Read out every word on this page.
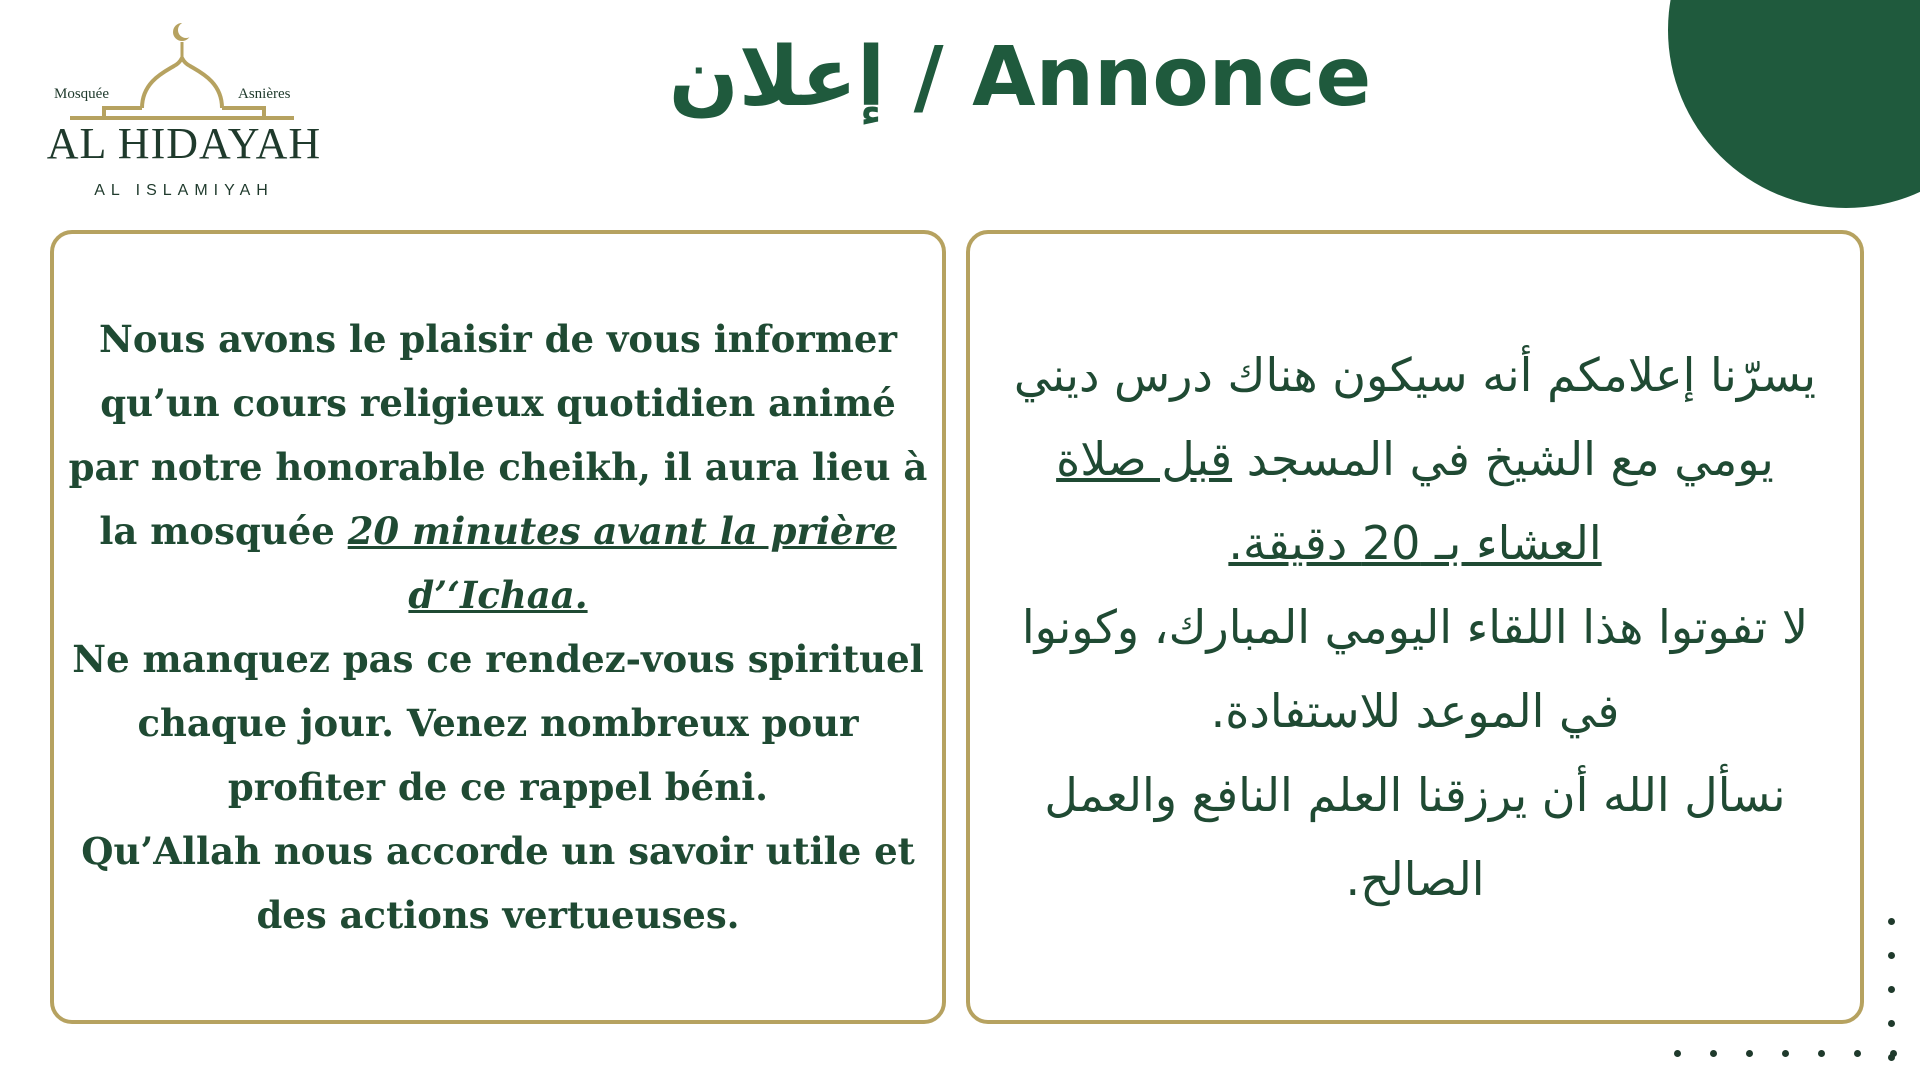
Mosquée	Asnières
AL HIDAYAH
AL ISLAMIYAH
إعلان / Annonce

Nous avons le plaisir de vous informer qu’un cours religieux quotidien animé par notre honorable cheikh, il aura lieu à la mosquée 20 minutes avant la prière d’‘Ichaa.
Ne manquez pas ce rendez-vous spirituel chaque jour. Venez nombreux pour profiter de ce rappel béni.
Qu’Allah nous accorde un savoir utile et des actions vertueuses.

يسرّنا إعلامكم أنه سيكون هناك درس ديني يومي مع الشيخ في المسجد قبل صلاة العشاء بـ 20 دقيقة.
لا تفوتوا هذا اللقاء اليومي المبارك، وكونوا في الموعد للاستفادة.
نسأل الله أن يرزقنا العلم النافع والعمل الصالح.
